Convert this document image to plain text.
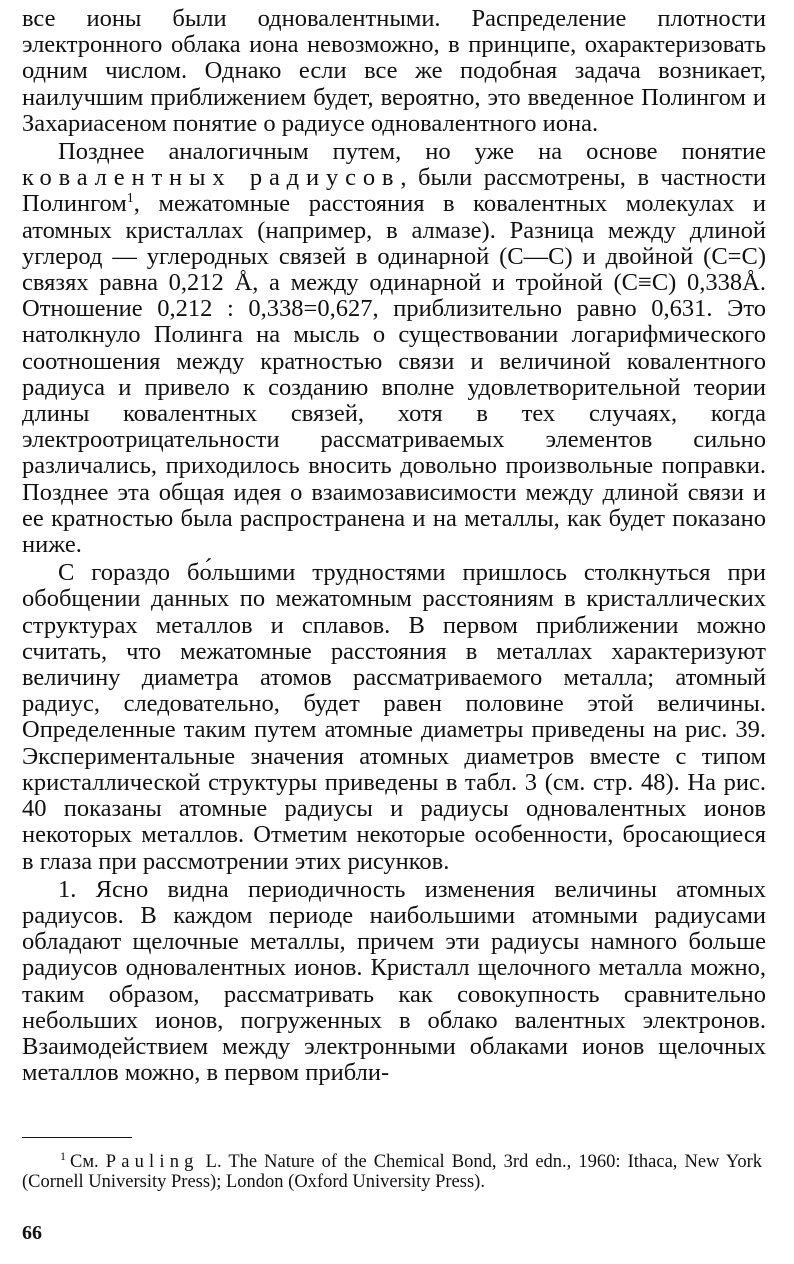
все ионы были одновалентными. Распределение плотности электронного облака иона невозможно, в принципе, охарактеризовать одним числом. Однако если все же подобная задача возникает, наилучшим приближением будет, вероятно, это введенное Полингом и Захариасеном понятие о радиусе одновалентного иона.

Позднее аналогичным путем, но уже на основе понятие ковалентных радиусов, были рассмотрены, в частности Полингом$^1$, межатомные расстояния в ковалентных молекулах и атомных кристаллах (например, в алмазе). Разница между длиной углерод — углеродных связей в одинарной (С—С) и двойной (С=С) связях равна 0,212 Å, а между одинарной и тройной (С≡С) 0,338Å. Отношение 0,212 : 0,338=0,627, приблизительно равно 0,631. Это натолкнуло Полинга на мысль о существовании логарифмического соотношения между кратностью связи и величиной ковалентного радиуса и привело к созданию вполне удовлетворительной теории длины ковалентных связей, хотя в тех случаях, когда электроотрицательности рассматриваемых элементов сильно различались, приходилось вносить довольно произвольные поправки. Позднее эта общая идея о взаимозависимости между длиной связи и ее кратностью была распространена и на металлы, как будет показано ниже.

С гораздо бо́льшими трудностями пришлось столкнуться при обобщении данных по межатомным расстояниям в кристаллических структурах металлов и сплавов. В первом приближении можно считать, что межатомные расстояния в металлах характеризуют величину диаметра атомов рассматриваемого металла; атомный радиус, следовательно, будет равен половине этой величины. Определенные таким путем атомные диаметры приведены на рис. 39. Экспериментальные значения атомных диаметров вместе с типом кристаллической структуры приведены в табл. 3 (см. стр. 48). На рис. 40 показаны атомные радиусы и радиусы одновалентных ионов некоторых металлов. Отметим некоторые особенности, бросающиеся в глаза при рассмотрении этих рисунков.

1. Ясно видна периодичность изменения величины атомных радиусов. В каждом периоде наибольшими атомными радиусами обладают щелочные металлы, причем эти радиусы намного больше радиусов одновалентных ионов. Кристалл щелочного металла можно, таким образом, рассматривать как совокупность сравнительно небольших ионов, погруженных в облако валентных электронов. Взаимодействием между электронными облаками ионов щелочных металлов можно, в первом прибли-

$^1$ См. Pauling L. The Nature of the Chemical Bond, 3rd edn., 1960: Ithaca, New York (Cornell University Press); London (Oxford University Press).

66
